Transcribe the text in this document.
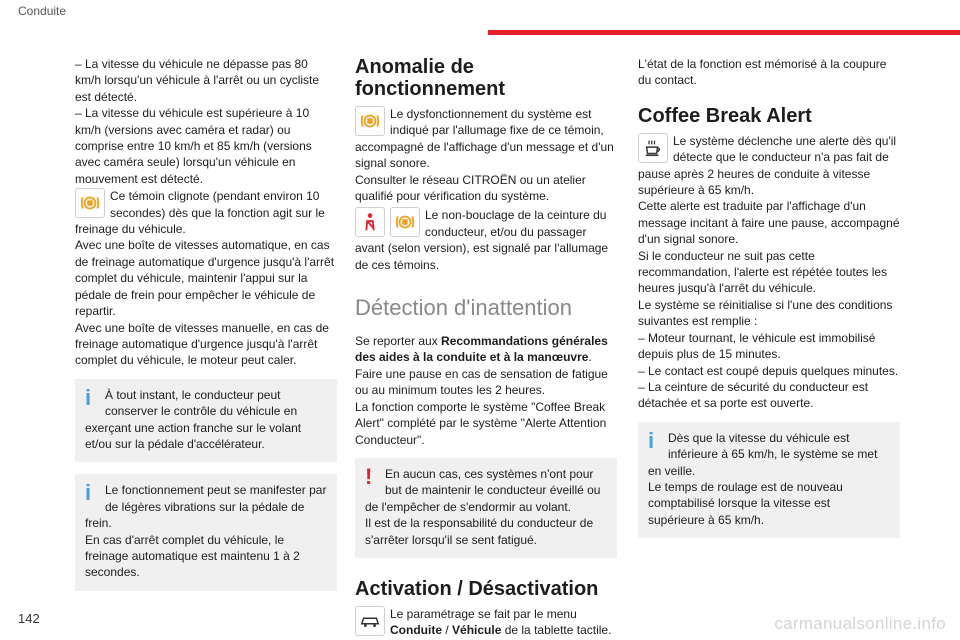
Conduite

– La vitesse du véhicule ne dépasse pas 80 km/h lorsqu'un véhicule à l'arrêt ou un cycliste est détecté.

– La vitesse du véhicule est supérieure à 10 km/h (versions avec caméra et radar) ou comprise entre 10 km/h et 85 km/h (versions avec caméra seule) lorsqu'un véhicule en mouvement est détecté.

Ce témoin clignote (pendant environ 10 secondes) dès que la fonction agit sur le freinage du véhicule.

Avec une boîte de vitesses automatique, en cas de freinage automatique d'urgence jusqu'à l'arrêt complet du véhicule, maintenir l'appui sur la pédale de frein pour empêcher le véhicule de repartir.

Avec une boîte de vitesses manuelle, en cas de freinage automatique d'urgence jusqu'à l'arrêt complet du véhicule, le moteur peut caler.

i	À tout instant, le conducteur peut conserver le contrôle du véhicule en exerçant une action franche sur le volant et/ou sur la pédale d'accélérateur.

i	Le fonctionnement peut se manifester par de légères vibrations sur la pédale de frein.

En cas d'arrêt complet du véhicule, le freinage automatique est maintenu 1 à 2 secondes.

Anomalie de fonctionnement

Le dysfonctionnement du système est indiqué par l'allumage fixe de ce témoin, accompagné de l'affichage d'un message et d'un signal sonore.

Consulter le réseau CITROËN ou un atelier qualifié pour vérification du système.

Le non-bouclage de la ceinture du conducteur, et/ou du passager avant (selon version), est signalé par l'allumage de ces témoins.

Détection d'inattention

Se reporter aux Recommandations générales des aides à la conduite et à la manœuvre.

Faire une pause en cas de sensation de fatigue ou au minimum toutes les 2 heures.

La fonction comporte le système "Coffee Break Alert" complété par le système "Alerte Attention Conducteur".

!	En aucun cas, ces systèmes n'ont pour but de maintenir le conducteur éveillé ou de l'empêcher de s'endormir au volant.

Il est de la responsabilité du conducteur de s'arrêter lorsqu'il se sent fatigué.

Activation / Désactivation

Le paramétrage se fait par le menu Conduite / Véhicule de la tablette tactile.

L'état de la fonction est mémorisé à la coupure du contact.

Coffee Break Alert

Le système déclenche une alerte dès qu'il détecte que le conducteur n'a pas fait de pause après 2 heures de conduite à vitesse supérieure à 65 km/h.

Cette alerte est traduite par l'affichage d'un message incitant à faire une pause, accompagné d'un signal sonore.

Si le conducteur ne suit pas cette recommandation, l'alerte est répétée toutes les heures jusqu'à l'arrêt du véhicule.

Le système se réinitialise si l'une des conditions suivantes est remplie :

– Moteur tournant, le véhicule est immobilisé depuis plus de 15 minutes.

– Le contact est coupé depuis quelques minutes.

– La ceinture de sécurité du conducteur est détachée et sa porte est ouverte.

i	Dès que la vitesse du véhicule est inférieure à 65 km/h, le système se met en veille.

Le temps de roulage est de nouveau comptabilisé lorsque la vitesse est supérieure à 65 km/h.

142	carmanualsonline.info
